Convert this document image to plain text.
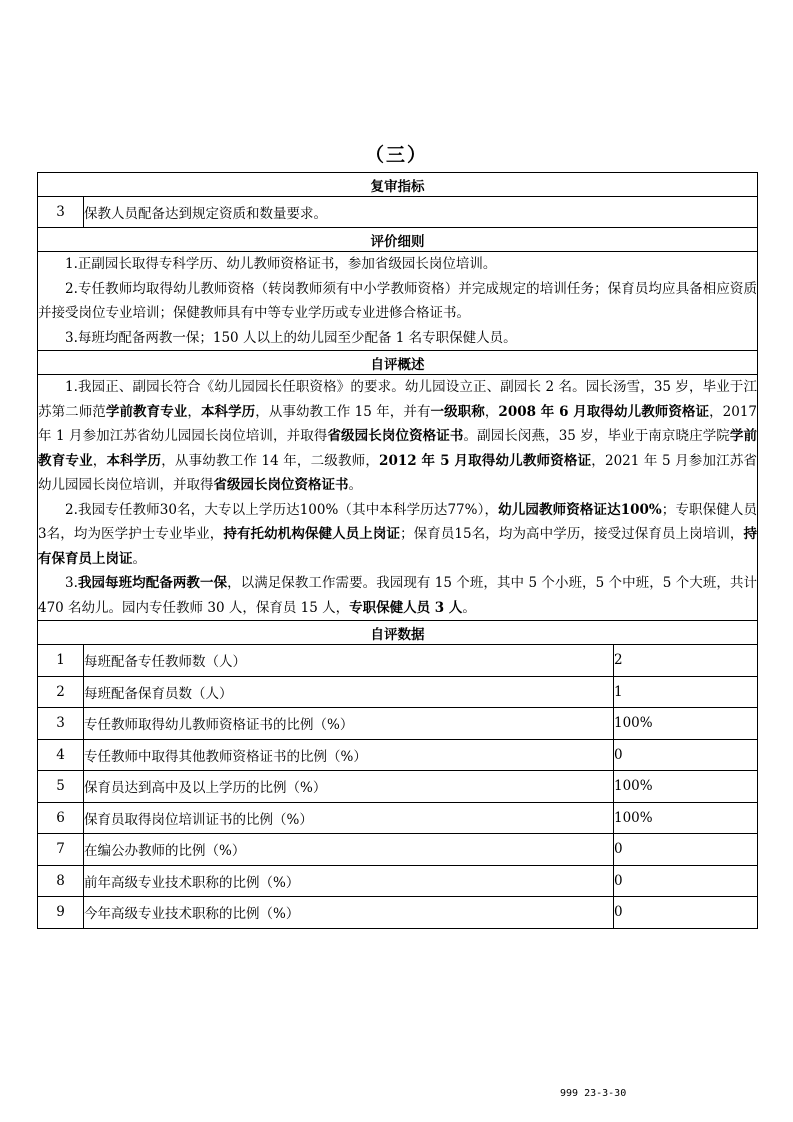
（三）
复审指标		
3	保教人员配备达到规定资质和数量要求。	
评价细则		

1.正副园长取得专科学历、幼儿教师资格证书，参加省级园长岗位培训。

2.专任教师均取得幼儿教师资格（转岗教师须有中小学教师资格）并完成规定的培训任务；保育员均应具备相应资质并接受岗位专业培训；保健教师具有中等专业学历或专业进修合格证书。

3.每班均配备两教一保；150 人以上的幼儿园至少配备 1 名专职保健人员。		

自评概述		

1.我园正、副园长符合《幼儿园园长任职资格》的要求。幼儿园设立正、副园长 2 名。园长汤雪，35 岁，毕业于江苏第二师范学前教育专业，本科学历，从事幼教工作 15 年，并有一级职称，2008 年 6 月取得幼儿教师资格证，2017 年 1 月参加江苏省幼儿园园长岗位培训，并取得省级园长岗位资格证书。副园长闵燕，35 岁，毕业于南京晓庄学院学前教育专业，本科学历，从事幼教工作 14 年，二级教师，2012 年 5 月取得幼儿教师资格证，2021 年 5 月参加江苏省幼儿园园长岗位培训，并取得省级园长岗位资格证书。

2.我园专任教师30名，大专以上学历达100%（其中本科学历达77%），幼儿园教师资格证达100%；专职保健人员3名，均为医学护士专业毕业，持有托幼机构保健人员上岗证；保育员15名，均为高中学历，接受过保育员上岗培训，持有保育员上岗证。

3.我园每班均配备两教一保，以满足保教工作需要。我园现有 15 个班，其中 5 个小班，5 个中班，5 个大班，共计 470 名幼儿。园内专任教师 30 人，保育员 15 人，专职保健人员 3 人。		

自评数据		
1	每班配备专任教师数（人）	2
2	每班配备保育员数（人）	1
3	专任教师取得幼儿教师资格证书的比例（%）	100%
4	专任教师中取得其他教师资格证书的比例（%）	0
5	保育员达到高中及以上学历的比例（%）	100%
6	保育员取得岗位培训证书的比例（%）	100%
7	在编公办教师的比例（%）	0
8	前年高级专业技术职称的比例（%）	0
9	今年高级专业技术职称的比例（%）	0
999 23-3-30
